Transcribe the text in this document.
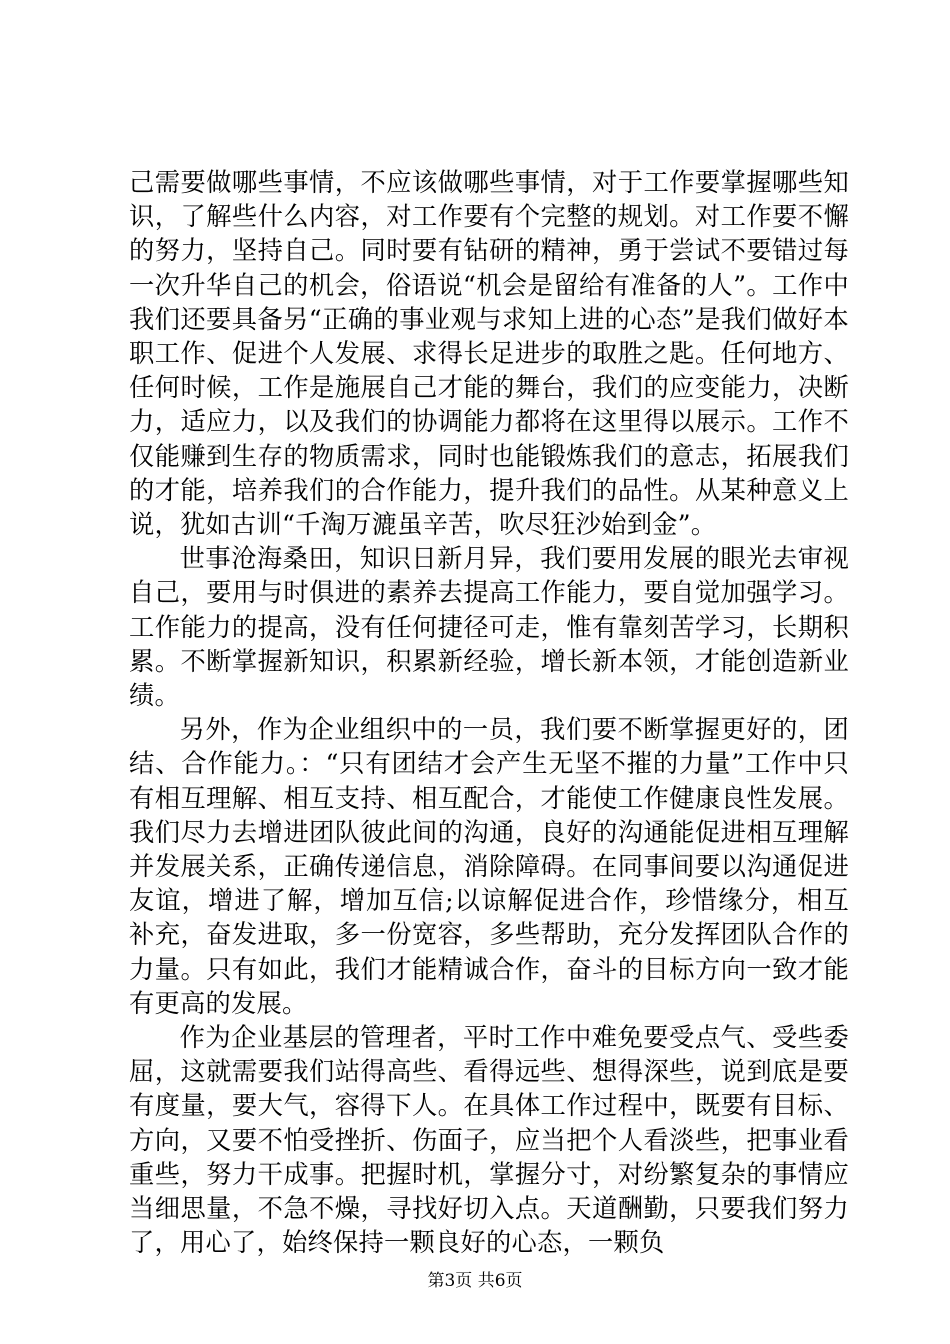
己需要做哪些事情，不应该做哪些事情，对于工作要掌握哪些知识，了解些什么内容，对工作要有个完整的规划。对工作要不懈的努力，坚持自己。同时要有钻研的精神，勇于尝试不要错过每一次升华自己的机会，俗语说“机会是留给有准备的人”。工作中我们还要具备另“正确的事业观与求知上进的心态”是我们做好本职工作、促进个人发展、求得长足进步的取胜之匙。任何地方、任何时候，工作是施展自己才能的舞台，我们的应变能力，决断力，适应力，以及我们的协调能力都将在这里得以展示。工作不仅能赚到生存的物质需求，同时也能锻炼我们的意志，拓展我们的才能，培养我们的合作能力，提升我们的品性。从某种意义上说，犹如古训“千淘万漉虽辛苦，吹尽狂沙始到金”。

世事沧海桑田，知识日新月异，我们要用发展的眼光去审视自己，要用与时俱进的素养去提高工作能力，要自觉加强学习。工作能力的提高，没有任何捷径可走，惟有靠刻苦学习，长期积累。不断掌握新知识，积累新经验，增长新本领，才能创造新业绩。

另外，作为企业组织中的一员，我们要不断掌握更好的，团结、合作能力。：“只有团结才会产生无坚不摧的力量”工作中只有相互理解、相互支持、相互配合，才能使工作健康良性发展。我们尽力去增进团队彼此间的沟通，良好的沟通能促进相互理解并发展关系，正确传递信息，消除障碍。在同事间要以沟通促进友谊，增进了解，增加互信;以谅解促进合作，珍惜缘分，相互补充，奋发进取，多一份宽容，多些帮助，充分发挥团队合作的力量。只有如此，我们才能精诚合作，奋斗的目标方向一致才能有更高的发展。

作为企业基层的管理者，平时工作中难免要受点气、受些委屈，这就需要我们站得高些、看得远些、想得深些，说到底是要有度量，要大气，容得下人。在具体工作过程中，既要有目标、方向，又要不怕受挫折、伤面子，应当把个人看淡些，把事业看重些，努力干成事。把握时机，掌握分寸，对纷繁复杂的事情应当细思量，不急不燥，寻找好切入点。天道酬勤，只要我们努力了，用心了，始终保持一颗良好的心态，一颗负

第3页 共6页
